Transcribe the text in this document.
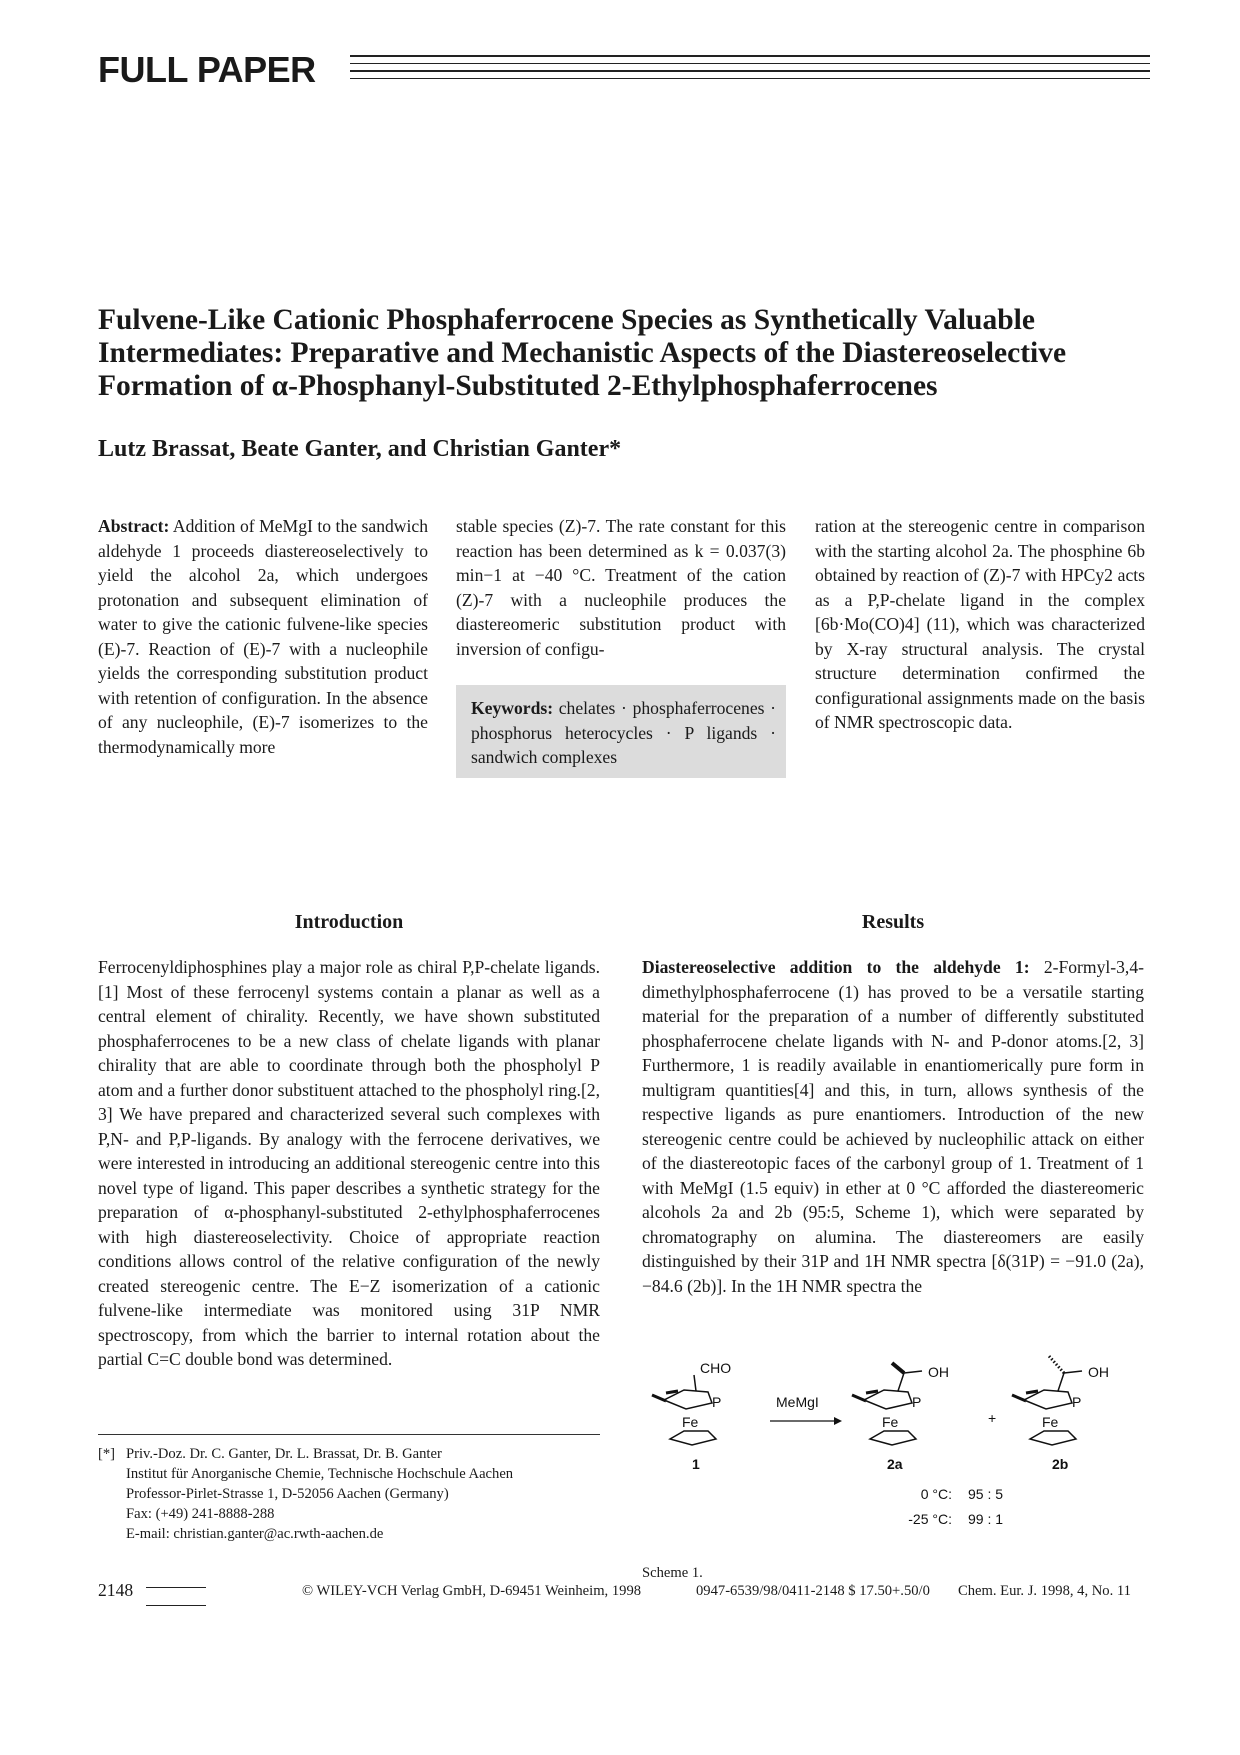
FULL PAPER
Fulvene-Like Cationic Phosphaferrocene Species as Synthetically Valuable
Intermediates: Preparative and Mechanistic Aspects of the Diastereoselective
Formation of α-Phosphanyl-Substituted 2-Ethylphosphaferrocenes
Lutz Brassat, Beate Ganter, and Christian Ganter*
Abstract: Addition of MeMgI to the sandwich aldehyde 1 proceeds diastereoselectively to yield the alcohol 2a, which undergoes protonation and subsequent elimination of water to give the cationic fulvene-like species (E)-7. Reaction of (E)-7 with a nucleophile yields the corresponding substitution product with retention of configuration. In the absence of any nucleophile, (E)-7 isomerizes to the thermodynamically more
stable species (Z)-7. The rate constant for this reaction has been determined as k = 0.037(3) min−1 at −40 °C. Treatment of the cation (Z)-7 with a nucleophile produces the diastereomeric substitution product with inversion of configu-
Keywords: chelates · phosphaferrocenes · phosphorus heterocycles · P ligands · sandwich complexes
ration at the stereogenic centre in comparison with the starting alcohol 2a. The phosphine 6b obtained by reaction of (Z)-7 with HPCy2 acts as a P,P-chelate ligand in the complex [6b·Mo(CO)4] (11), which was characterized by X-ray structural analysis. The crystal structure determination confirmed the configurational assignments made on the basis of NMR spectroscopic data.
Introduction
Ferrocenyldiphosphines play a major role as chiral P,P-chelate ligands.[1] Most of these ferrocenyl systems contain a planar as well as a central element of chirality. Recently, we have shown substituted phosphaferrocenes to be a new class of chelate ligands with planar chirality that are able to coordinate through both the phospholyl P atom and a further donor substituent attached to the phospholyl ring.[2, 3] We have prepared and characterized several such complexes with P,N- and P,P-ligands. By analogy with the ferrocene derivatives, we were interested in introducing an additional stereogenic centre into this novel type of ligand. This paper describes a synthetic strategy for the preparation of α-phosphanyl-substituted 2-ethylphosphaferrocenes with high diastereoselectivity. Choice of appropriate reaction conditions allows control of the relative configuration of the newly created stereogenic centre. The E−Z isomerization of a cationic fulvene-like intermediate was monitored using 31P NMR spectroscopy, from which the barrier to internal rotation about the partial C=C double bond was determined.
[*] Priv.-Doz. Dr. C. Ganter, Dr. L. Brassat, Dr. B. Ganter
Institut für Anorganische Chemie, Technische Hochschule Aachen
Professor-Pirlet-Strasse 1, D-52056 Aachen (Germany)
Fax: (+49) 241-8888-288
E-mail: christian.ganter@ac.rwth-aachen.de
Results
Diastereoselective addition to the aldehyde 1: 2-Formyl-3,4-dimethylphosphaferrocene (1) has proved to be a versatile starting material for the preparation of a number of differently substituted phosphaferrocene chelate ligands with N- and P-donor atoms.[2, 3] Furthermore, 1 is readily available in enantiomerically pure form in multigram quantities[4] and this, in turn, allows synthesis of the respective ligands as pure enantiomers. Introduction of the new stereogenic centre could be achieved by nucleophilic attack on either of the diastereotopic faces of the carbonyl group of 1. Treatment of 1 with MeMgI (1.5 equiv) in ether at 0 °C afforded the diastereomeric alcohols 2a and 2b (95:5, Scheme 1), which were separated by chromatography on alumina. The diastereomers are easily distinguished by their 31P and 1H NMR spectra [δ(31P) = −91.0 (2a), −84.6 (2b)]. In the 1H NMR spectra the
CHO
P
Fe
1
MeMgI
OH
P
Fe
2a
+
OH
P
Fe
2b
0 °C: 95 : 5
-25 °C: 99 : 1
Scheme 1.
2148	© WILEY-VCH Verlag GmbH, D-69451 Weinheim, 1998	0947-6539/98/0411-2148 $ 17.50+.50/0 Chem. Eur. J. 1998, 4, No. 11
